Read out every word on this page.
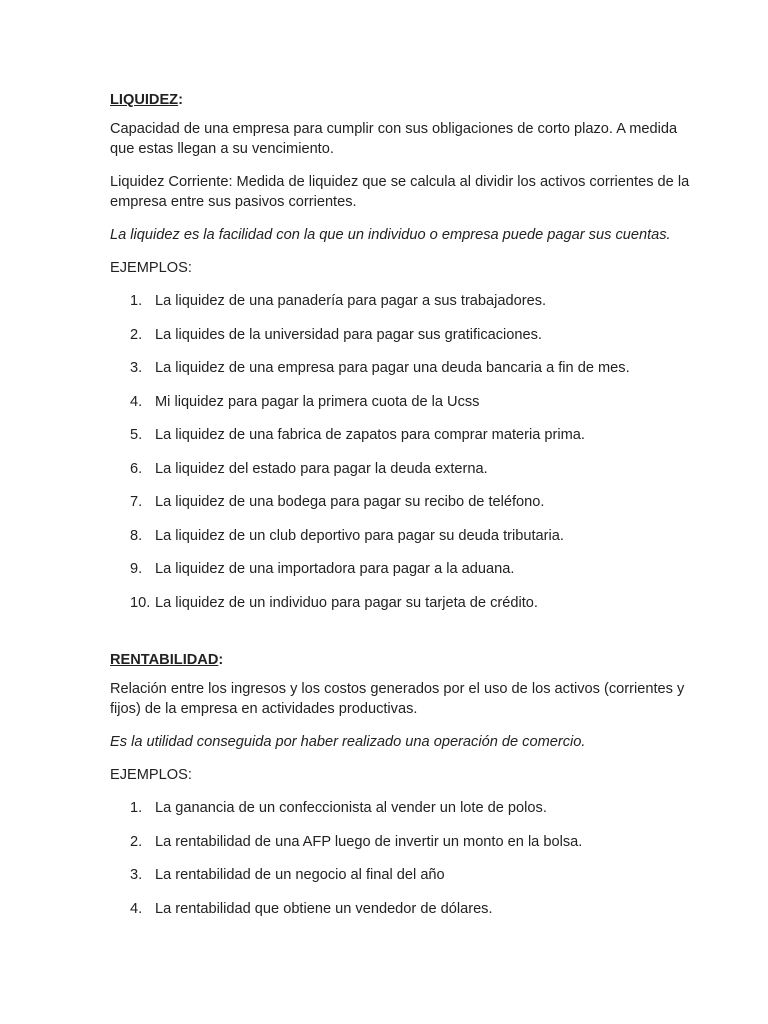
LIQUIDEZ:

Capacidad de una empresa para cumplir con sus obligaciones de corto plazo. A medida que estas llegan a su vencimiento.

Liquidez Corriente: Medida de liquidez que se calcula al dividir los activos corrientes de la empresa entre sus pasivos corrientes.

La liquidez es la facilidad con la que un individuo o empresa puede pagar sus cuentas.

EJEMPLOS:

1. La liquidez de una panadería para pagar a sus trabajadores.
2. La liquides de la universidad para pagar sus gratificaciones.
3. La liquidez de una empresa para pagar una deuda bancaria a fin de mes.
4. Mi liquidez para pagar la primera cuota de la Ucss
5. La liquidez de una fabrica de zapatos para comprar materia prima.
6. La liquidez del estado para pagar la deuda externa.
7. La liquidez de una bodega para pagar su recibo de teléfono.
8. La liquidez de un club deportivo para pagar su deuda tributaria.
9. La liquidez de una importadora para pagar a la aduana.
10. La liquidez de un individuo para pagar su tarjeta de crédito.
RENTABILIDAD:

Relación entre los ingresos y los costos generados por el uso de los activos (corrientes y fijos) de la empresa en actividades productivas.

Es la utilidad conseguida por haber realizado una operación de comercio.

EJEMPLOS:

1. La ganancia de un confeccionista al vender un lote de polos.
2. La rentabilidad de una AFP luego de invertir un monto en la bolsa.
3. La rentabilidad de un negocio al final del año
4. La rentabilidad que obtiene un vendedor de dólares.
